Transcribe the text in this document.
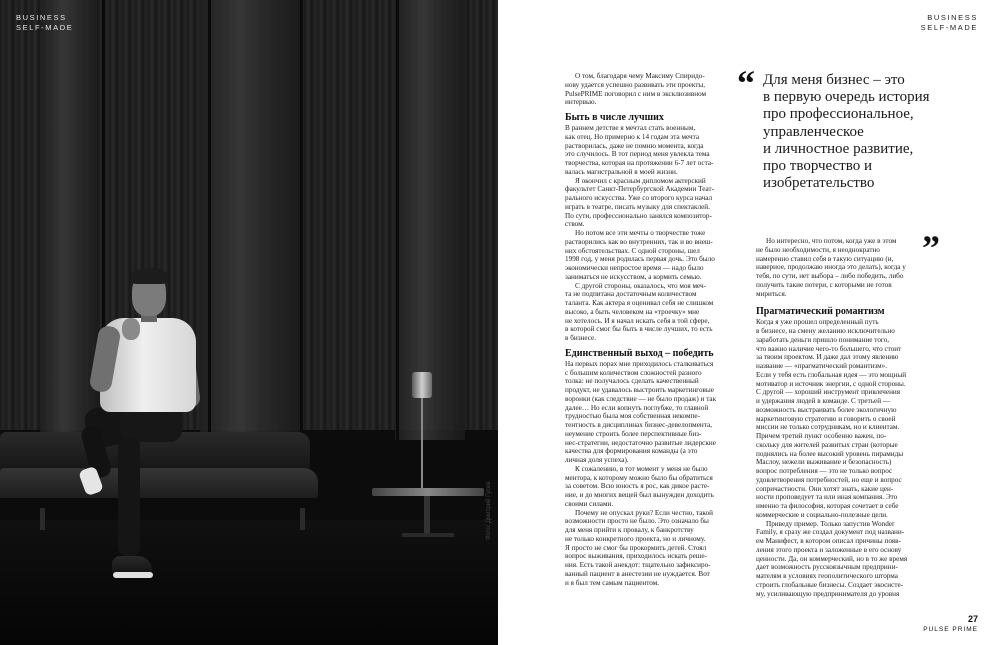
BUSINESS
SELF-MADE
Фото: Дмитрий Гусев
BUSINESS
SELF-MADE

О том, благодаря чему Максиму Спиридо-
нову удается успешно развивать эти проекты,
PulsePRIME поговорил с ним в эксклюзивном
интервью.

Быть в числе лучших

В раннем детстве я мечтал стать военным,
как отец. Но примерно к 14 годам эта мечта
растворилась, даже не помню момента, когда
это случилось. В тот период меня увлекла тема
творчества, которая на протяжении 6-7 лет оста-
валась магистральной в моей жизни.

Я окончил с красным дипломом актерский
факультет Санкт-Петербургской Академии Теат-
рального искусства. Уже со второго курса начал
играть в театре, писать музыку для спектаклей.
По сути, профессионально занялся композитор-
ством.

Но потом все эти мечты о творчестве тоже
растворились как во внутренних, так и во внеш-
них обстоятельствах. С одной стороны, шел
1998 год, у меня родилась первая дочь. Это было
экономически непростое время — надо было
заниматься не искусством, а кормить семью.

С другой стороны, оказалось, что моя меч-
та не подпитана достаточным количеством
таланта. Как актера я оценивал себя не слишком
высоко, а быть человеком на «троечку» мне
не хотелось. И я начал искать себя в той сфере,
в которой смог бы быть в числе лучших, то есть
в бизнесе.

Единственный выход – победить

На первых порах мне приходилось сталкиваться
с большим количеством сложностей разного
толка: не получалось сделать качественный
продукт, не удавалось выстроить маркетинговые
воронки (как следствие — не было продаж) и так
далее… Но если копнуть поглубже, то главной
трудностью была моя собственная некомпе-
тентность в дисциплинах бизнес-девелопмента,
неумение строить более перспективные биз-
нес-стратегии, недостаточно развитые лидерские
качества для формирования команды (а это
личная доля успеха).

К сожалению, в тот момент у меня не было
ментора, к которому можно было бы обратиться
за советом. Всю юность я рос, как дикое расте-
ние, и до многих вещей был вынужден доходить
своими силами.

Почему не опускал руки? Если честно, такой
возможности просто не было. Это означало бы
для меня прийти к провалу, к банкротству
не только конкретного проекта, но и личному.
Я просто не смог бы прокормить детей. Стоял
вопрос выживания, приходилось искать реше-
ния. Есть такой анекдот: тщательно зафиксиро-
ванный пациент в анестезии не нуждается. Вот
и я был тем самым пациентом.

“ Для меня бизнес – это
в первую очередь история
про профессиональное,
управленческое
и личностное развитие,
про творчество и
изобретательство
”

Но интересно, что потом, когда уже в этом
не было необходимости, я неоднократно
намеренно ставил себя в такую ситуацию (и,
наверное, продолжаю иногда это делать), когда у
тебя, по сути, нет выбора – либо победить, либо
получить такие потери, с которыми не готов
мириться.

Прагматический романтизм

Когда я уже прошел определенный путь
в бизнесе, на смену желанию исключительно
заработать деньги пришло понимание того,
что важно наличие чего-то большего, что стоит
за твоим проектом. И даже дал этому явлению
название — «прагматический романтизм».
Если у тебя есть глобальная идея — это мощный
мотиватор и источник энергии, с одной стороны.
С другой — хороший инструмент привлечения
и удержания людей в команде. С третьей —
возможность выстраивать более экологичную
маркетинговую стратегию и говорить о своей
миссии не только сотрудникам, но и клиентам.
Причем третий пункт особенно важен, по-
скольку для жителей развитых стран (которые
поднялись на более высокий уровень пирамиды
Маслоу, нежели выживание и безопасность)
вопрос потребления — это не только вопрос
удовлетворения потребностей, но еще и вопрос
сопричастности. Они хотят знать, какие цен-
ности проповедует та или иная компания. Это
именно та философия, которая сочетает в себе
коммерческие и социально-полезные цели.

Приведу пример. Только запустив Wonder
Family, я сразу же создал документ под названи-
ем Манифест, в котором описал причины появ-
ления этого проекта и заложенные в его основу
ценности. Да, он коммерческий, но в то же время
дает возможность русскоязычным предприни-
мателям в условиях геополитического шторма
строить глобальные бизнесы. Создает экосисте-
му, усиливающую предпринимателя до уровня

27
PULSE PRIME
